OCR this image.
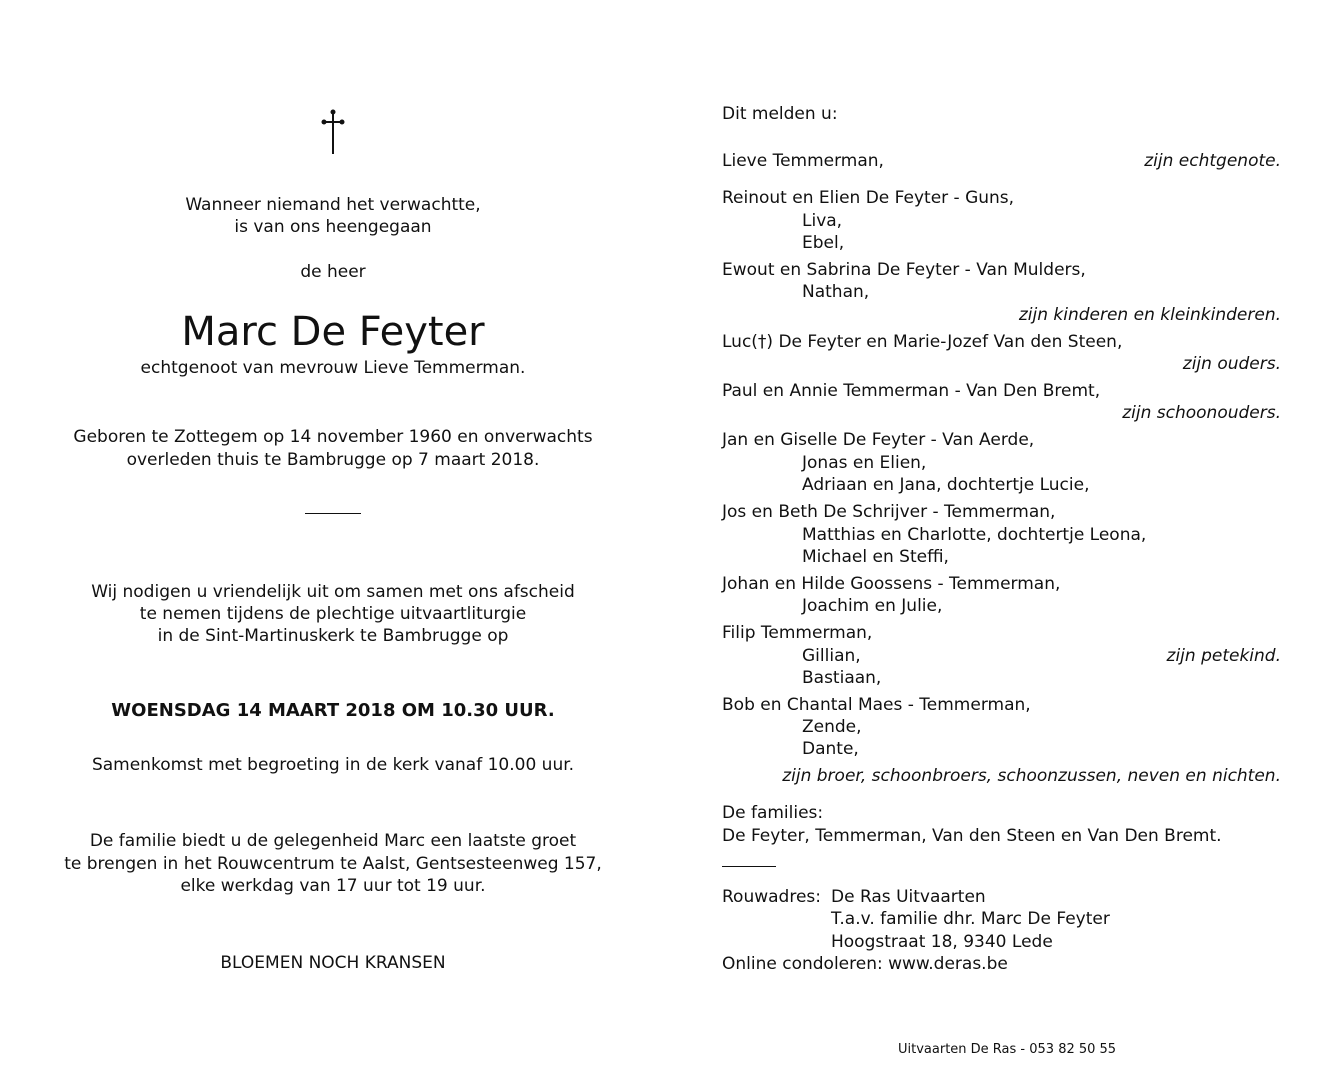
Wanneer niemand het verwachtte,
is van ons heengegaan
de heer
Marc De Feyter
echtgenoot van mevrouw Lieve Temmerman.
Geboren te Zottegem op 14 november 1960 en onverwachts
overleden thuis te Bambrugge op 7 maart 2018.
Wij nodigen u vriendelijk uit om samen met ons afscheid
te nemen tijdens de plechtige uitvaartliturgie
in de Sint-Martinuskerk te Bambrugge op
WOENSDAG 14 MAART 2018 OM 10.30 UUR.
Samenkomst met begroeting in de kerk vanaf 10.00 uur.
De familie biedt u de gelegenheid Marc een laatste groet
te brengen in het Rouwcentrum te Aalst, Gentsesteenweg 157,
elke werkdag van 17 uur tot 19 uur.
BLOEMEN NOCH KRANSEN
Dit melden u:
Lieve Temmerman,	zijn echtgenote.
Reinout en Elien De Feyter - Guns,
Liva,
Ebel,
Ewout en Sabrina De Feyter - Van Mulders,
Nathan,
zijn kinderen en kleinkinderen.
Luc(†) De Feyter en Marie-Jozef Van den Steen,
zijn ouders.
Paul en Annie Temmerman - Van Den Bremt,
zijn schoonouders.
Jan en Giselle De Feyter - Van Aerde,
Jonas en Elien,
Adriaan en Jana, dochtertje Lucie,
Jos en Beth De Schrijver - Temmerman,
Matthias en Charlotte, dochtertje Leona,
Michael en Steffi,
Johan en Hilde Goossens - Temmerman,
Joachim en Julie,
Filip Temmerman,
Gillian,	zijn petekind.
Bastiaan,
Bob en Chantal Maes - Temmerman,
Zende,
Dante,
zijn broer, schoonbroers, schoonzussen, neven en nichten.
De families:
De Feyter, Temmerman, Van den Steen en Van Den Bremt.
Rouwadres: De Ras Uitvaarten
T.a.v. familie dhr. Marc De Feyter
Hoogstraat 18, 9340 Lede
Online condoleren: www.deras.be
Uitvaarten De Ras - 053 82 50 55
